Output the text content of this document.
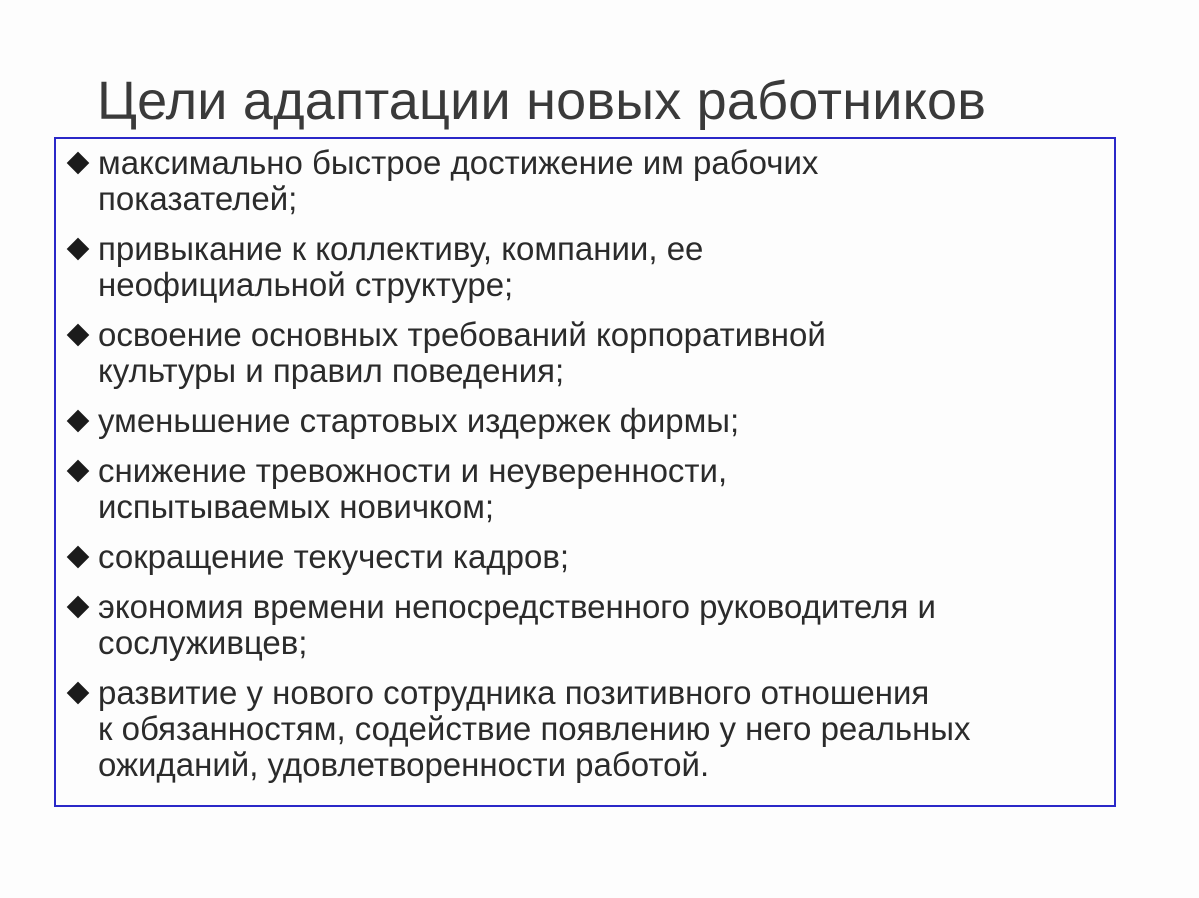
Цели адаптации новых работников
максимально быстрое достижение им рабочих
показателей;
привыкание к коллективу, компании, ее
неофициальной структуре;
освоение основных требований корпоративной
культуры и правил поведения;
уменьшение стартовых издержек фирмы;
снижение тревожности и неуверенности,
испытываемых новичком;
сокращение текучести кадров;
экономия времени непосредственного руководителя и
сослуживцев;
развитие у нового сотрудника позитивного отношения
к обязанностям, содействие появлению у него реальных
ожиданий, удовлетворенности работой.
